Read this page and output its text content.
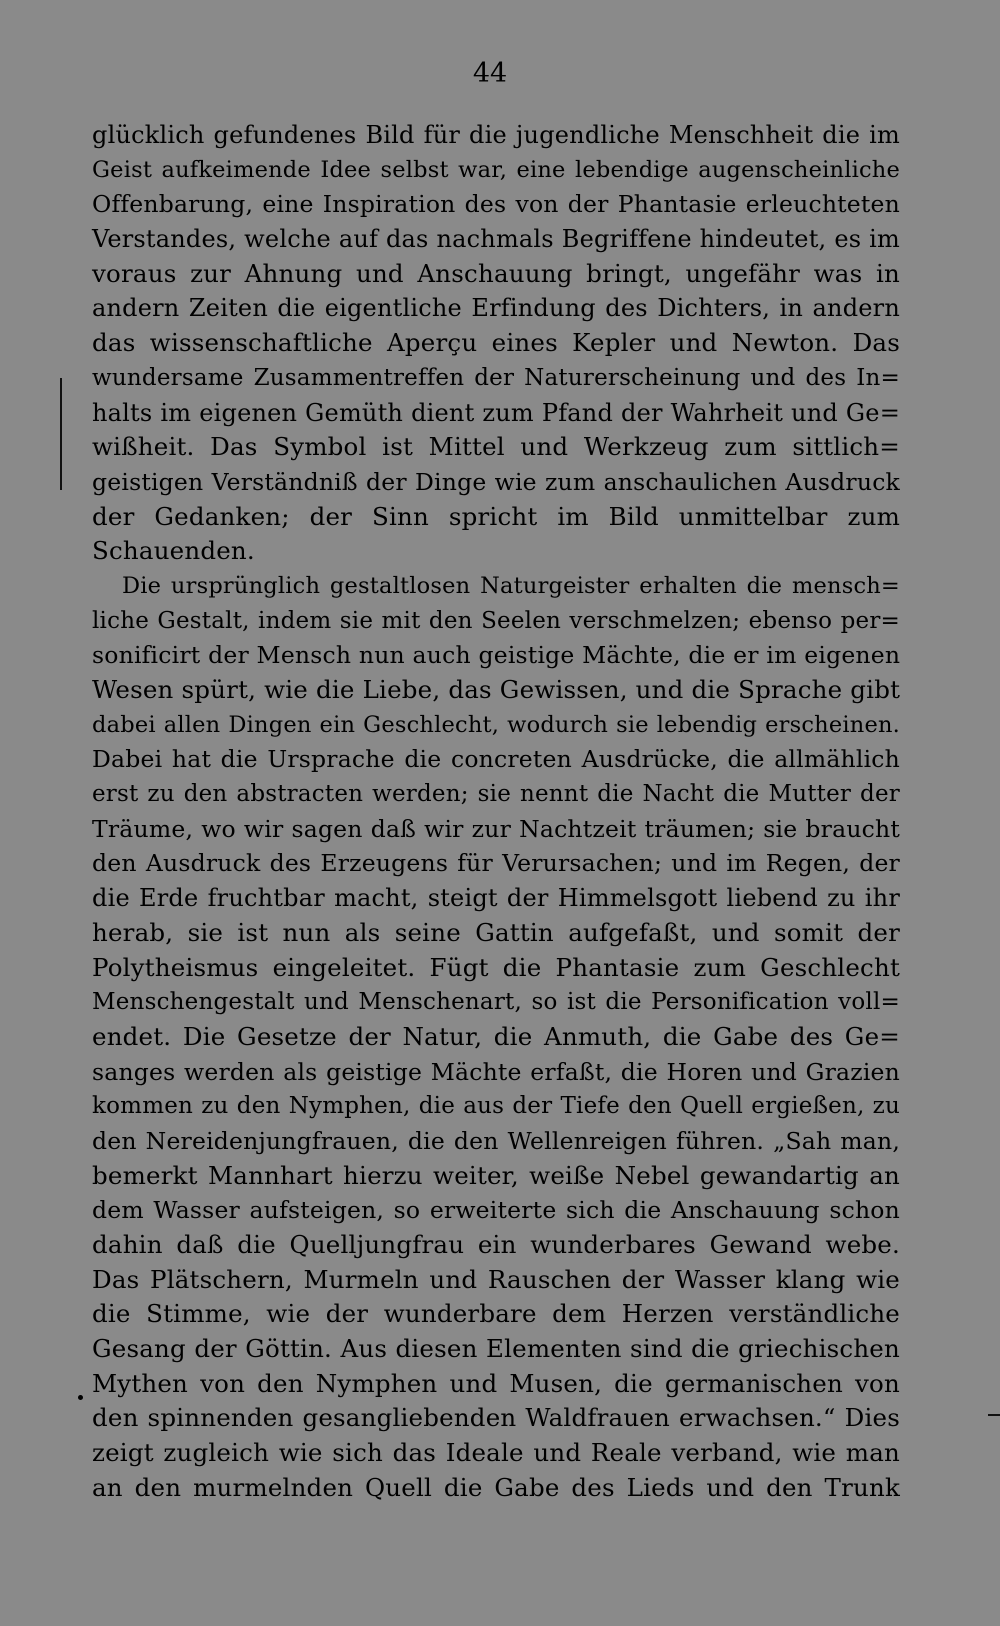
44
glücklich gefundenes Bild für die jugendliche Menschheit die im
Geist aufkeimende Idee selbst war, eine lebendige augenscheinliche
Offenbarung, eine Inspiration des von der Phantasie erleuchteten
Verstandes, welche auf das nachmals Begriffene hindeutet, es im
voraus zur Ahnung und Anschauung bringt, ungefähr was in
andern Zeiten die eigentliche Erfindung des Dichters, in andern
das wissenschaftliche Aperçu eines Kepler und Newton. Das
wundersame Zusammentreffen der Naturerscheinung und des In=
halts im eigenen Gemüth dient zum Pfand der Wahrheit und Ge=
wißheit. Das Symbol ist Mittel und Werkzeug zum sittlich=
geistigen Verständniß der Dinge wie zum anschaulichen Ausdruck
der Gedanken; der Sinn spricht im Bild unmittelbar zum
Schauenden.
Die ursprünglich gestaltlosen Naturgeister erhalten die mensch=
liche Gestalt, indem sie mit den Seelen verschmelzen; ebenso per=
sonificirt der Mensch nun auch geistige Mächte, die er im eigenen
Wesen spürt, wie die Liebe, das Gewissen, und die Sprache gibt
dabei allen Dingen ein Geschlecht, wodurch sie lebendig erscheinen.
Dabei hat die Ursprache die concreten Ausdrücke, die allmählich
erst zu den abstracten werden; sie nennt die Nacht die Mutter der
Träume, wo wir sagen daß wir zur Nachtzeit träumen; sie braucht
den Ausdruck des Erzeugens für Verursachen; und im Regen, der
die Erde fruchtbar macht, steigt der Himmelsgott liebend zu ihr
herab, sie ist nun als seine Gattin aufgefaßt, und somit der
Polytheismus eingeleitet. Fügt die Phantasie zum Geschlecht
Menschengestalt und Menschenart, so ist die Personification voll=
endet. Die Gesetze der Natur, die Anmuth, die Gabe des Ge=
sanges werden als geistige Mächte erfaßt, die Horen und Grazien
kommen zu den Nymphen, die aus der Tiefe den Quell ergießen, zu
den Nereidenjungfrauen, die den Wellenreigen führen. „Sah man,
bemerkt Mannhart hierzu weiter, weiße Nebel gewandartig an
dem Wasser aufsteigen, so erweiterte sich die Anschauung schon
dahin daß die Quelljungfrau ein wunderbares Gewand webe.
Das Plätschern, Murmeln und Rauschen der Wasser klang wie
die Stimme, wie der wunderbare dem Herzen verständliche
Gesang der Göttin. Aus diesen Elementen sind die griechischen
Mythen von den Nymphen und Musen, die germanischen von
den spinnenden gesangliebenden Waldfrauen erwachsen.“ Dies
zeigt zugleich wie sich das Ideale und Reale verband, wie man
an den murmelnden Quell die Gabe des Lieds und den Trunk
